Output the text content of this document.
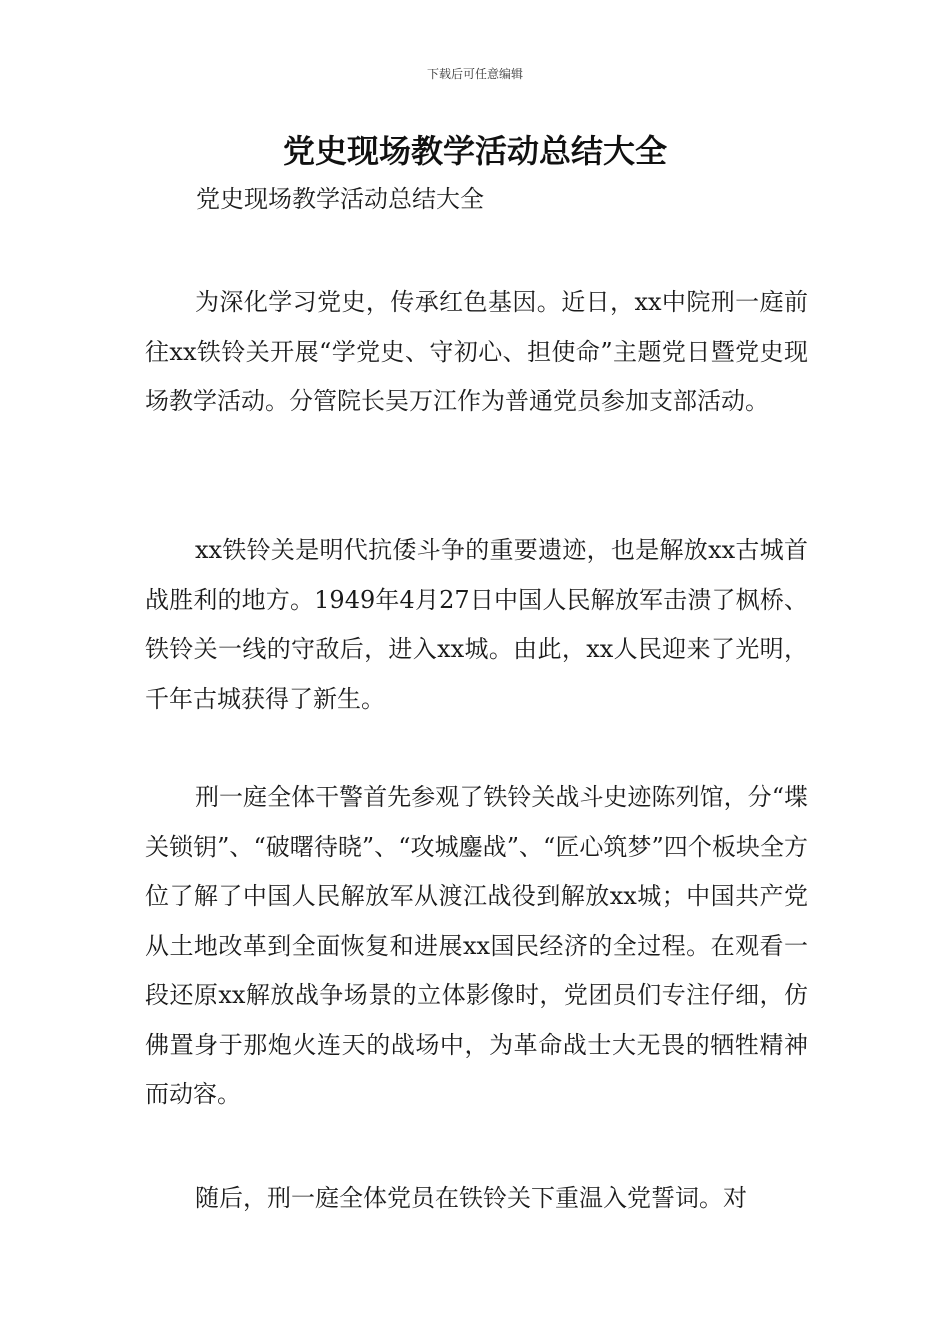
下载后可任意编辑
党史现场教学活动总结大全

党史现场教学活动总结大全

为深化学习党史，传承红色基因。近日，xx中院刑一庭前往xx铁铃关开展“学党史、守初心、担使命”主题党日暨党史现场教学活动。分管院长吴万江作为普通党员参加支部活动。

xx铁铃关是明代抗倭斗争的重要遗迹，也是解放xx古城首战胜利的地方。1949年4月27日中国人民解放军击溃了枫桥、铁铃关一线的守敌后，进入xx城。由此，xx人民迎来了光明，千年古城获得了新生。

刑一庭全体干警首先参观了铁铃关战斗史迹陈列馆，分“堞关锁钥”、“破曙待晓”、“攻城鏖战”、“匠心筑梦”四个板块全方位了解了中国人民解放军从渡江战役到解放xx城；中国共产党从土地改革到全面恢复和进展xx国民经济的全过程。在观看一段还原xx解放战争场景的立体影像时，党团员们专注仔细，仿佛置身于那炮火连天的战场中，为革命战士大无畏的牺牲精神而动容。

随后，刑一庭全体党员在铁铃关下重温入党誓词。对
